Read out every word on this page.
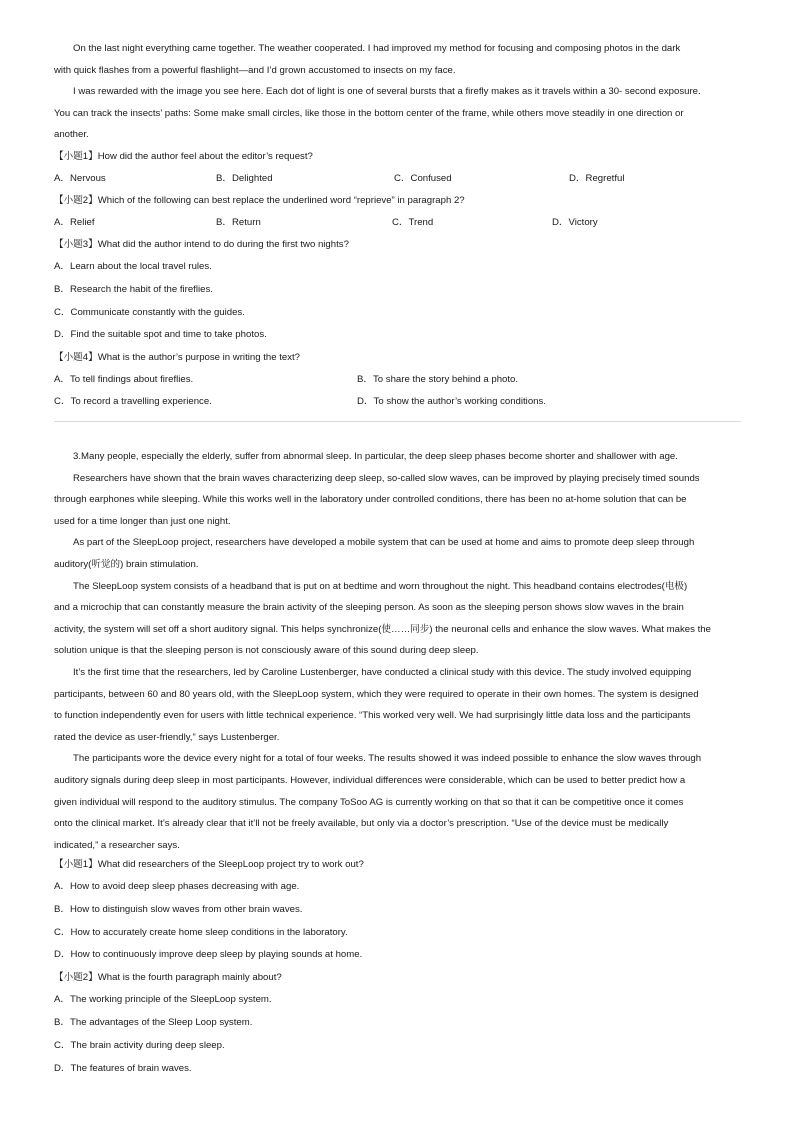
On the last night everything came together. The weather cooperated. I had improved my method for focusing and composing photos in the dark
with quick flashes from a powerful flashlight—and I’d grown accustomed to insects on my face.
I was rewarded with the image you see here. Each dot of light is one of several bursts that a firefly makes as it travels within a 30- second exposure.
You can track the insects’ paths: Some make small circles, like those in the bottom center of the frame, while others move steadily in one direction or
another.
【小题1】How did the author feel about the editor’s request?
A．Nervous	B．Delighted	C．Confused	D．Regretful
【小题2】Which of the following can best replace the underlined word “reprieve” in paragraph 2?
A．Relief	B．Return	C．Trend	D．Victory
【小题3】What did the author intend to do during the first two nights?
A．Learn about the local travel rules.
B．Research the habit of the fireflies.
C．Communicate constantly with the guides.
D．Find the suitable spot and time to take photos.
【小题4】What is the author’s purpose in writing the text?
A．To tell findings about fireflies.	B．To share the story behind a photo.
C．To record a travelling experience.	D．To show the author’s working conditions.
3.Many people, especially the elderly, suffer from abnormal sleep. In particular, the deep sleep phases become shorter and shallower with age.
Researchers have shown that the brain waves characterizing deep sleep, so-called slow waves, can be improved by playing precisely timed sounds
through earphones while sleeping. While this works well in the laboratory under controlled conditions, there has been no at-home solution that can be
used for a time longer than just one night.
As part of the SleepLoop project, researchers have developed a mobile system that can be used at home and aims to promote deep sleep through
auditory(听觉的) brain stimulation.
The SleepLoop system consists of a headband that is put on at bedtime and worn throughout the night. This headband contains electrodes(电极)
and a microchip that can constantly measure the brain activity of the sleeping person. As soon as the sleeping person shows slow waves in the brain
activity, the system will set off a short auditory signal. This helps synchronize(使……同步) the neuronal cells and enhance the slow waves. What makes the
solution unique is that the sleeping person is not consciously aware of this sound during deep sleep.
It’s the first time that the researchers, led by Caroline Lustenberger, have conducted a clinical study with this device. The study involved equipping
participants, between 60 and 80 years old, with the SleepLoop system, which they were required to operate in their own homes. The system is designed
to function independently even for users with little technical experience. “This worked very well. We had surprisingly little data loss and the participants
rated the device as user-friendly,” says Lustenberger.
The participants wore the device every night for a total of four weeks. The results showed it was indeed possible to enhance the slow waves through
auditory signals during deep sleep in most participants. However, individual differences were considerable, which can be used to better predict how a
given individual will respond to the auditory stimulus. The company ToSoo AG is currently working on that so that it can be competitive once it comes
onto the clinical market. It’s already clear that it’ll not be freely available, but only via a doctor’s prescription. “Use of the device must be medically
indicated,” a researcher says.
【小题1】What did researchers of the SleepLoop project try to work out?
A．How to avoid deep sleep phases decreasing with age.
B．How to distinguish slow waves from other brain waves.
C．How to accurately create home sleep conditions in the laboratory.
D．How to continuously improve deep sleep by playing sounds at home.
【小题2】What is the fourth paragraph mainly about?
A．The working principle of the SleepLoop system.
B．The advantages of the Sleep Loop system.
C．The brain activity during deep sleep.
D．The features of brain waves.
